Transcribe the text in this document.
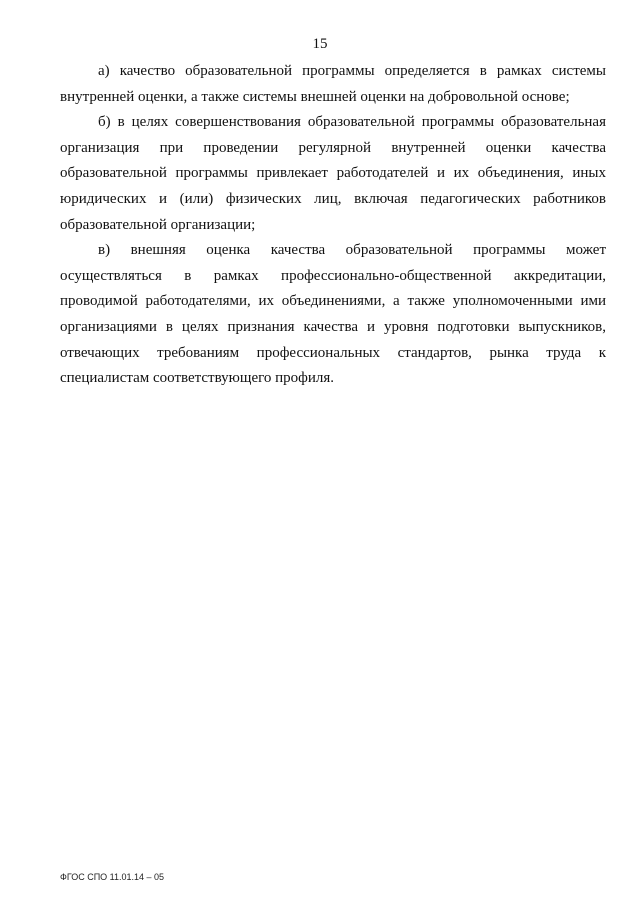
15

а) качество образовательной программы определяется в рамках системы внутренней оценки, а также системы внешней оценки на добровольной основе;

б) в целях совершенствования образовательной программы образовательная организация при проведении регулярной внутренней оценки качества образовательной программы привлекает работодателей и их объединения, иных юридических и (или) физических лиц, включая педагогических работников образовательной организации;

в) внешняя оценка качества образовательной программы может осуществляться в рамках профессионально-общественной аккредитации, проводимой работодателями, их объединениями, а также уполномоченными ими организациями в целях признания качества и уровня подготовки выпускников, отвечающих требованиям профессиональных стандартов, рынка труда к специалистам соответствующего профиля.

ФГОС СПО 11.01.14 – 05
